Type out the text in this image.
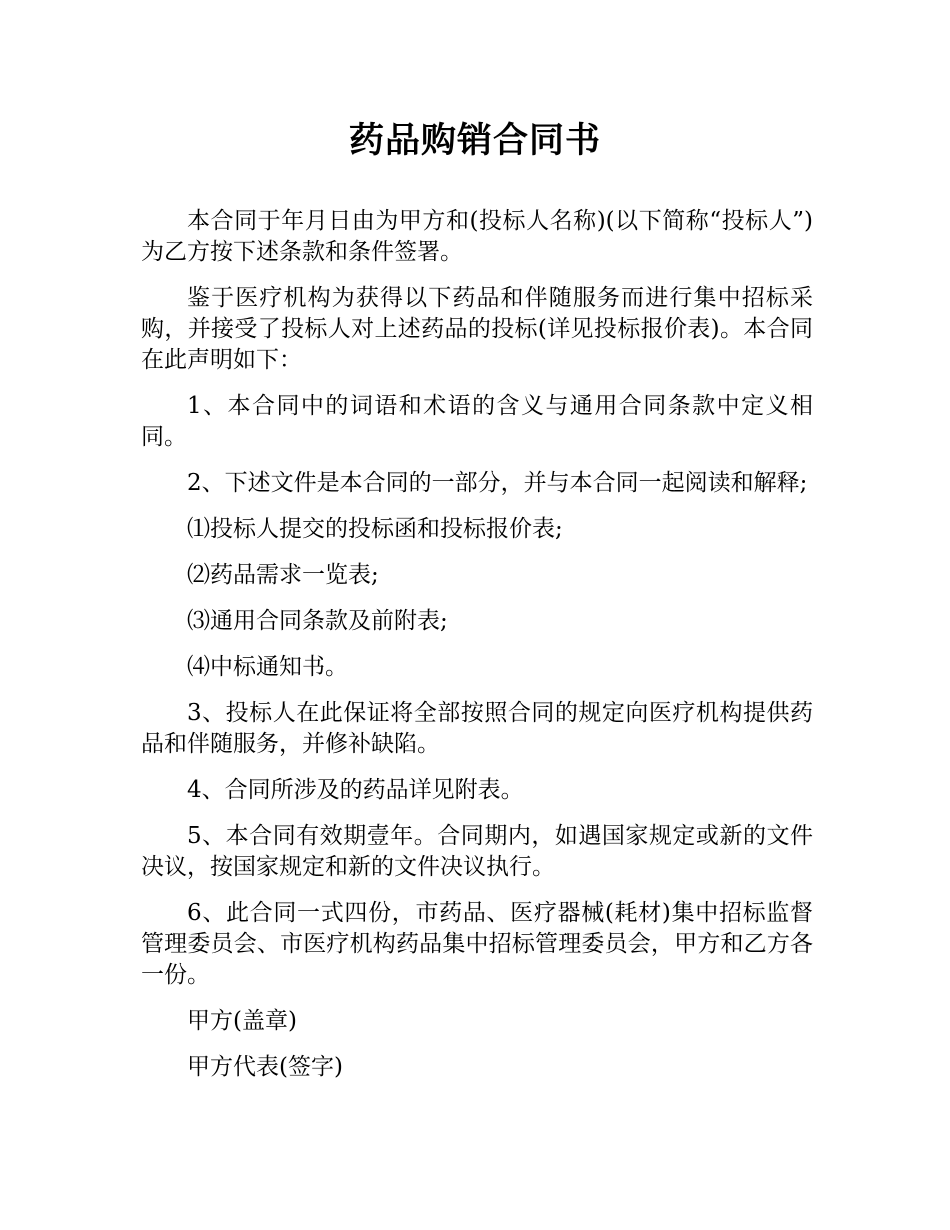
药品购销合同书

本合同于年月日由为甲方和(投标人名称)(以下简称“投标人”)为乙方按下述条款和条件签署。

鉴于医疗机构为获得以下药品和伴随服务而进行集中招标采购，并接受了投标人对上述药品的投标(详见投标报价表)。本合同在此声明如下：

1、本合同中的词语和术语的含义与通用合同条款中定义相同。

2、下述文件是本合同的一部分，并与本合同一起阅读和解释;

⑴投标人提交的投标函和投标报价表;

⑵药品需求一览表;

⑶通用合同条款及前附表;

⑷中标通知书。

3、投标人在此保证将全部按照合同的规定向医疗机构提供药品和伴随服务，并修补缺陷。

4、合同所涉及的药品详见附表。

5、本合同有效期壹年。合同期内，如遇国家规定或新的文件决议，按国家规定和新的文件决议执行。

6、此合同一式四份，市药品、医疗器械(耗材)集中招标监督管理委员会、市医疗机构药品集中招标管理委员会，甲方和乙方各一份。

甲方(盖章)

甲方代表(签字)
